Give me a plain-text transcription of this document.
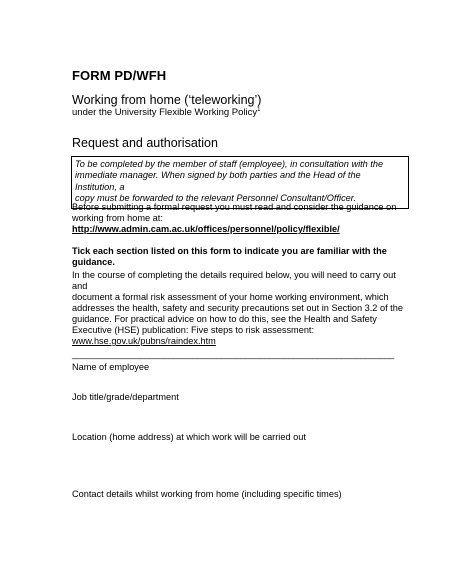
FORM PD/WFH
Working from home (‘teleworking’)
under the University Flexible Working Policy$^1$
Request and authorisation
To be completed by the member of staff (employee), in consultation with the
immediate manager. When signed by both parties and the Head of the Institution, a
copy must be forwarded to the relevant Personnel Consultant/Officer.
Before submitting a formal request you must read and consider the guidance on
working from home at:
http://www.admin.cam.ac.uk/offices/personnel/policy/flexible/
Tick each section listed on this form to indicate you are familiar with the
guidance.
In the course of completing the details required below, you will need to carry out and
document a formal risk assessment of your home working environment, which
addresses the health, safety and security precautions set out in Section 3.2 of the
guidance. For practical advice on how to do this, see the Health and Safety
Executive (HSE) publication: Five steps to risk assessment:
www.hse.gov.uk/pubns/raindex.htm
___________________________________________________________________
Name of employee
Job title/grade/department
Location (home address) at which work will be carried out
Contact details whilst working from home (including specific times)
